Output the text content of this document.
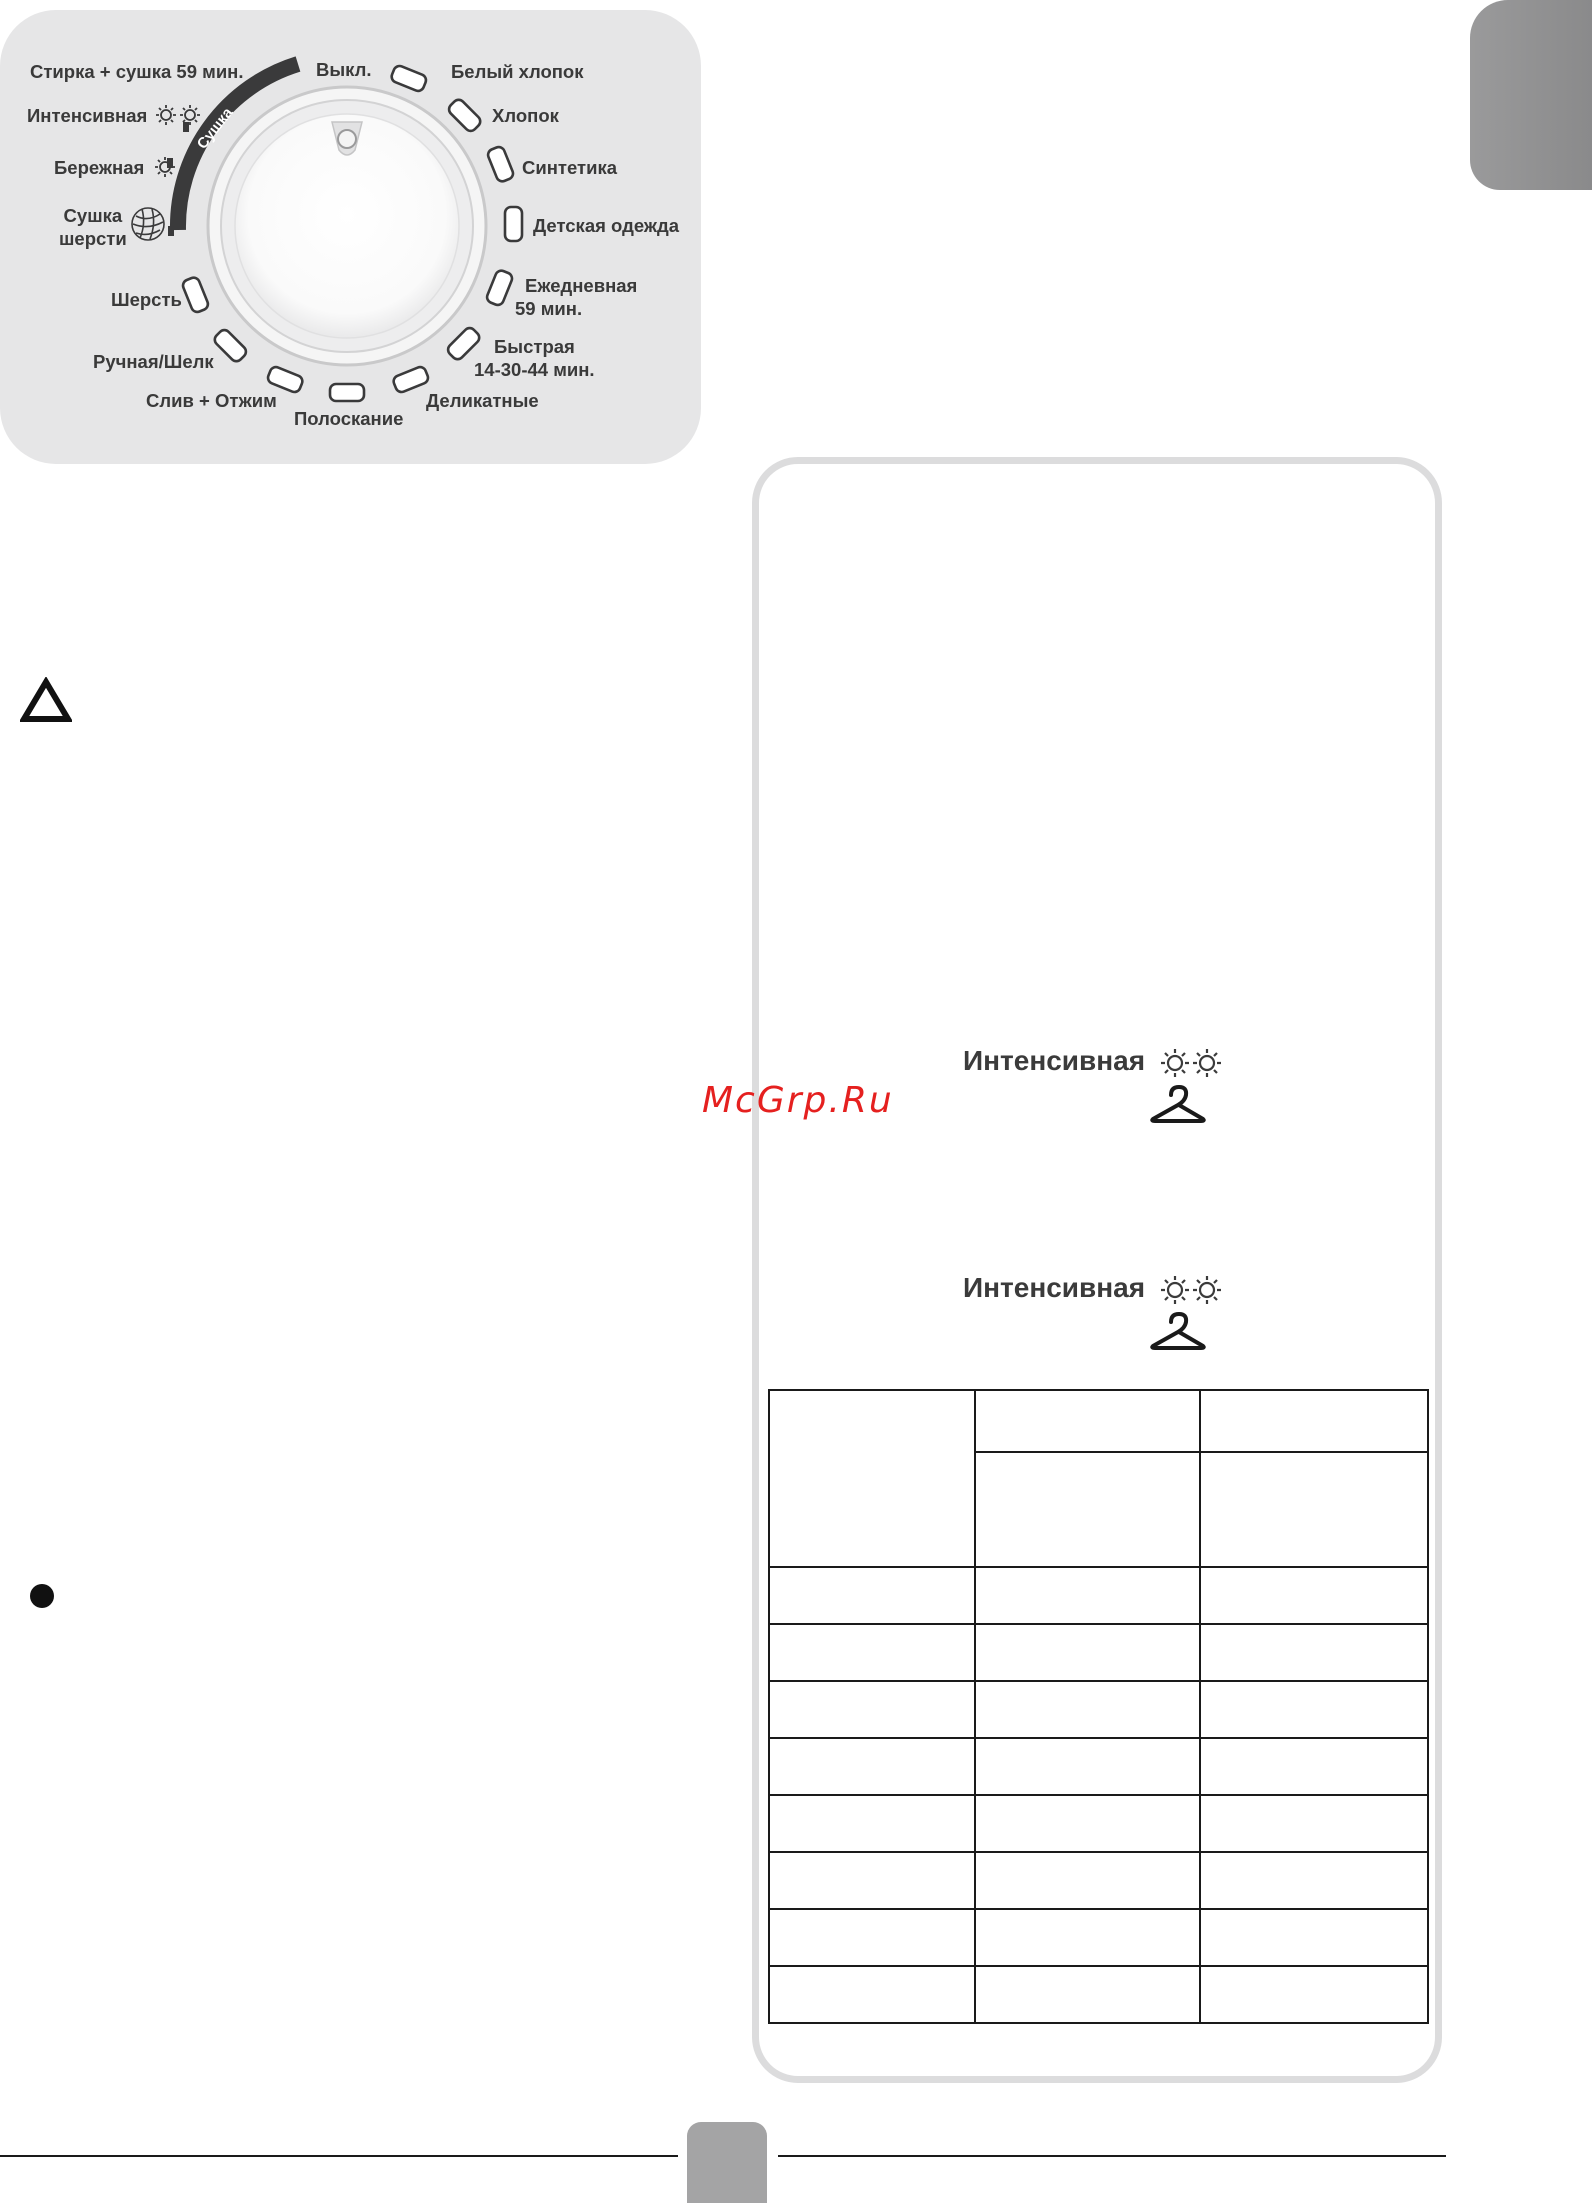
Сушка
Выкл.	Белый хлопок
Хлопок
Синтетика
Детская одежда
Ежедневная
59 мин.
Быстрая
14-30-44 мин.
Деликатные
Полоскание
Слив + Отжим
Ручная/Шелк
Шерсть
Сушка
шерсти
Бережная
Интенсивная
Стирка + сушка 59 мин.
McGrp.Ru
Интенсивная
Интенсивная
